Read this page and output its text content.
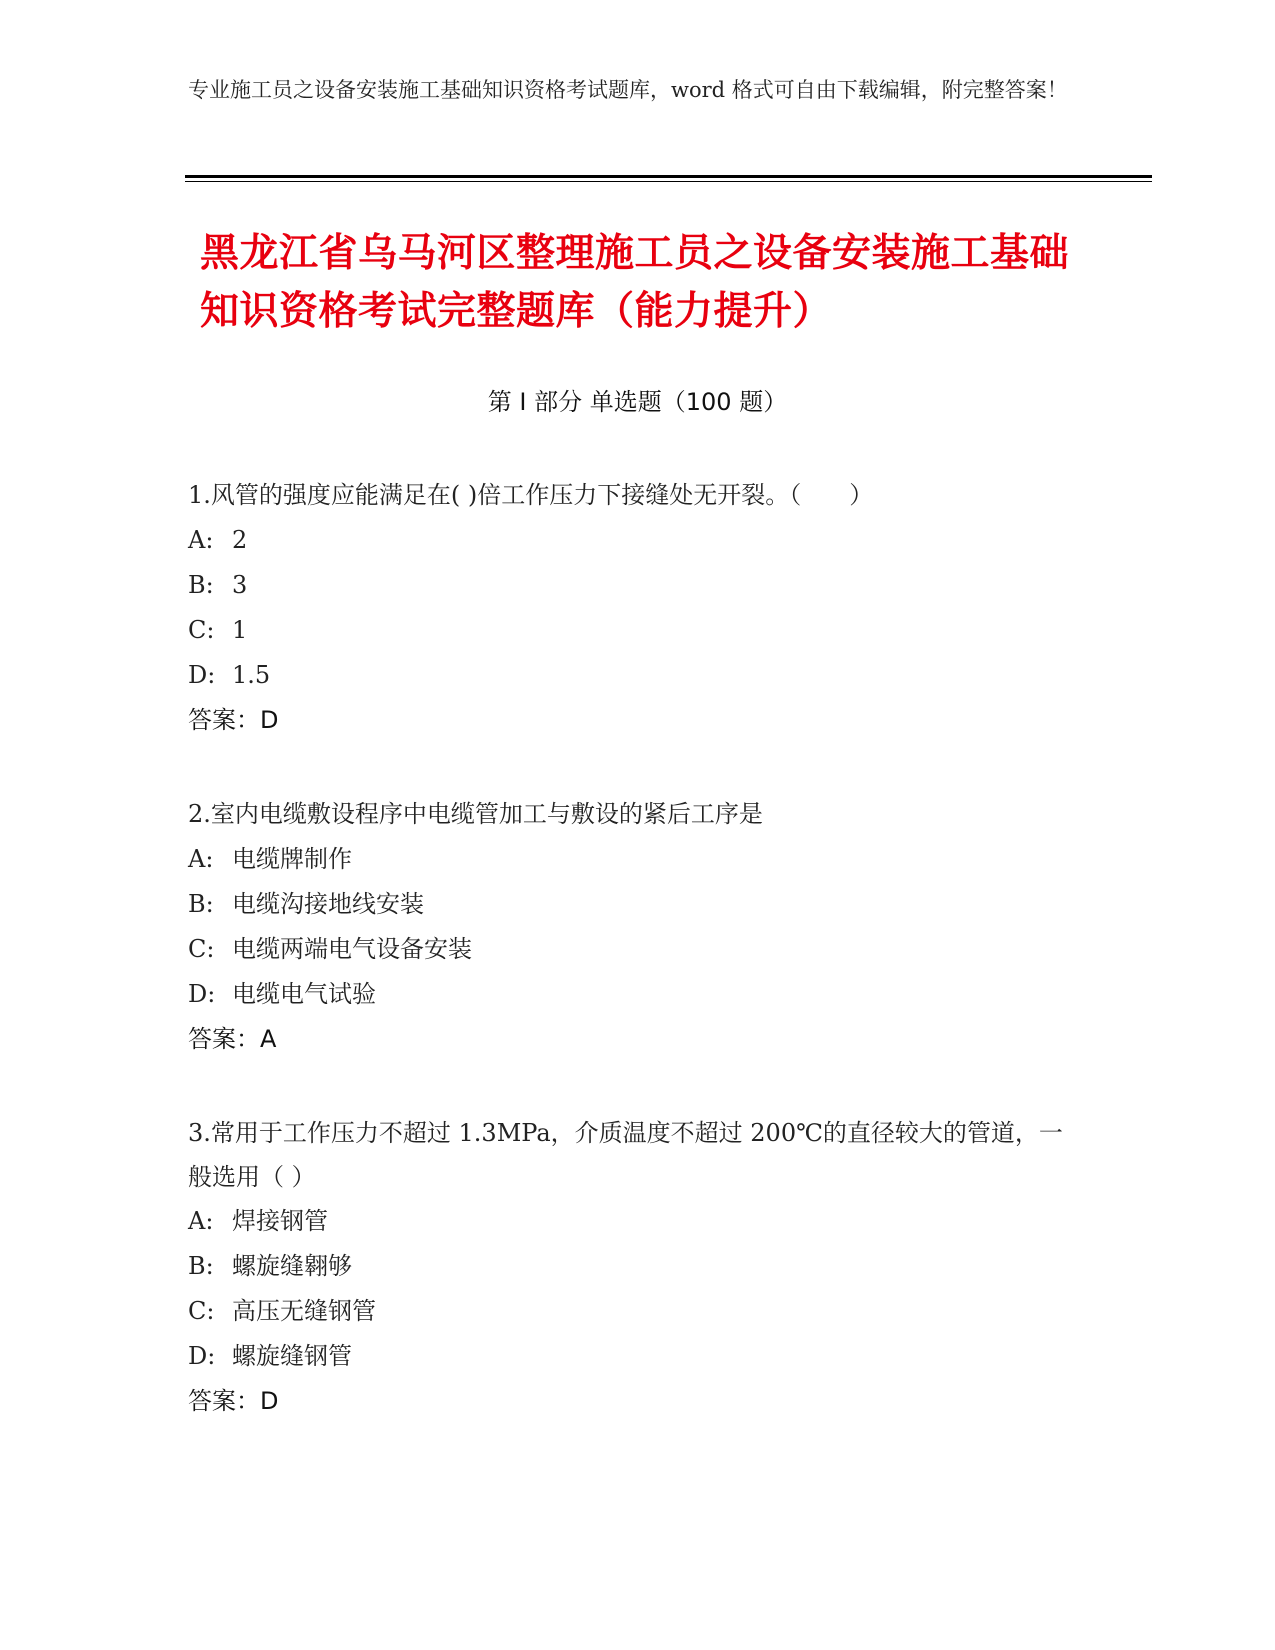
专业施工员之设备安装施工基础知识资格考试题库，word 格式可自由下载编辑，附完整答案！
黑龙江省乌马河区整理施工员之设备安装施工基础知识资格考试完整题库（能力提升）
第 I 部分 单选题（100 题）
1.风管的强度应能满足在( )倍工作压力下接缝处无开裂。（　　）
A: 2
B: 3
C: 1
D: 1.5
答案：D
2.室内电缆敷设程序中电缆管加工与敷设的紧后工序是
A: 电缆牌制作
B: 电缆沟接地线安装
C: 电缆两端电气设备安装
D: 电缆电气试验
答案：A
3.常用于工作压力不超过 1.3MPa，介质温度不超过 200℃的直径较大的管道，一般选用（ ）
A: 焊接钢管
B: 螺旋缝翱够
C: 高压无缝钢管
D: 螺旋缝钢管
答案：D
